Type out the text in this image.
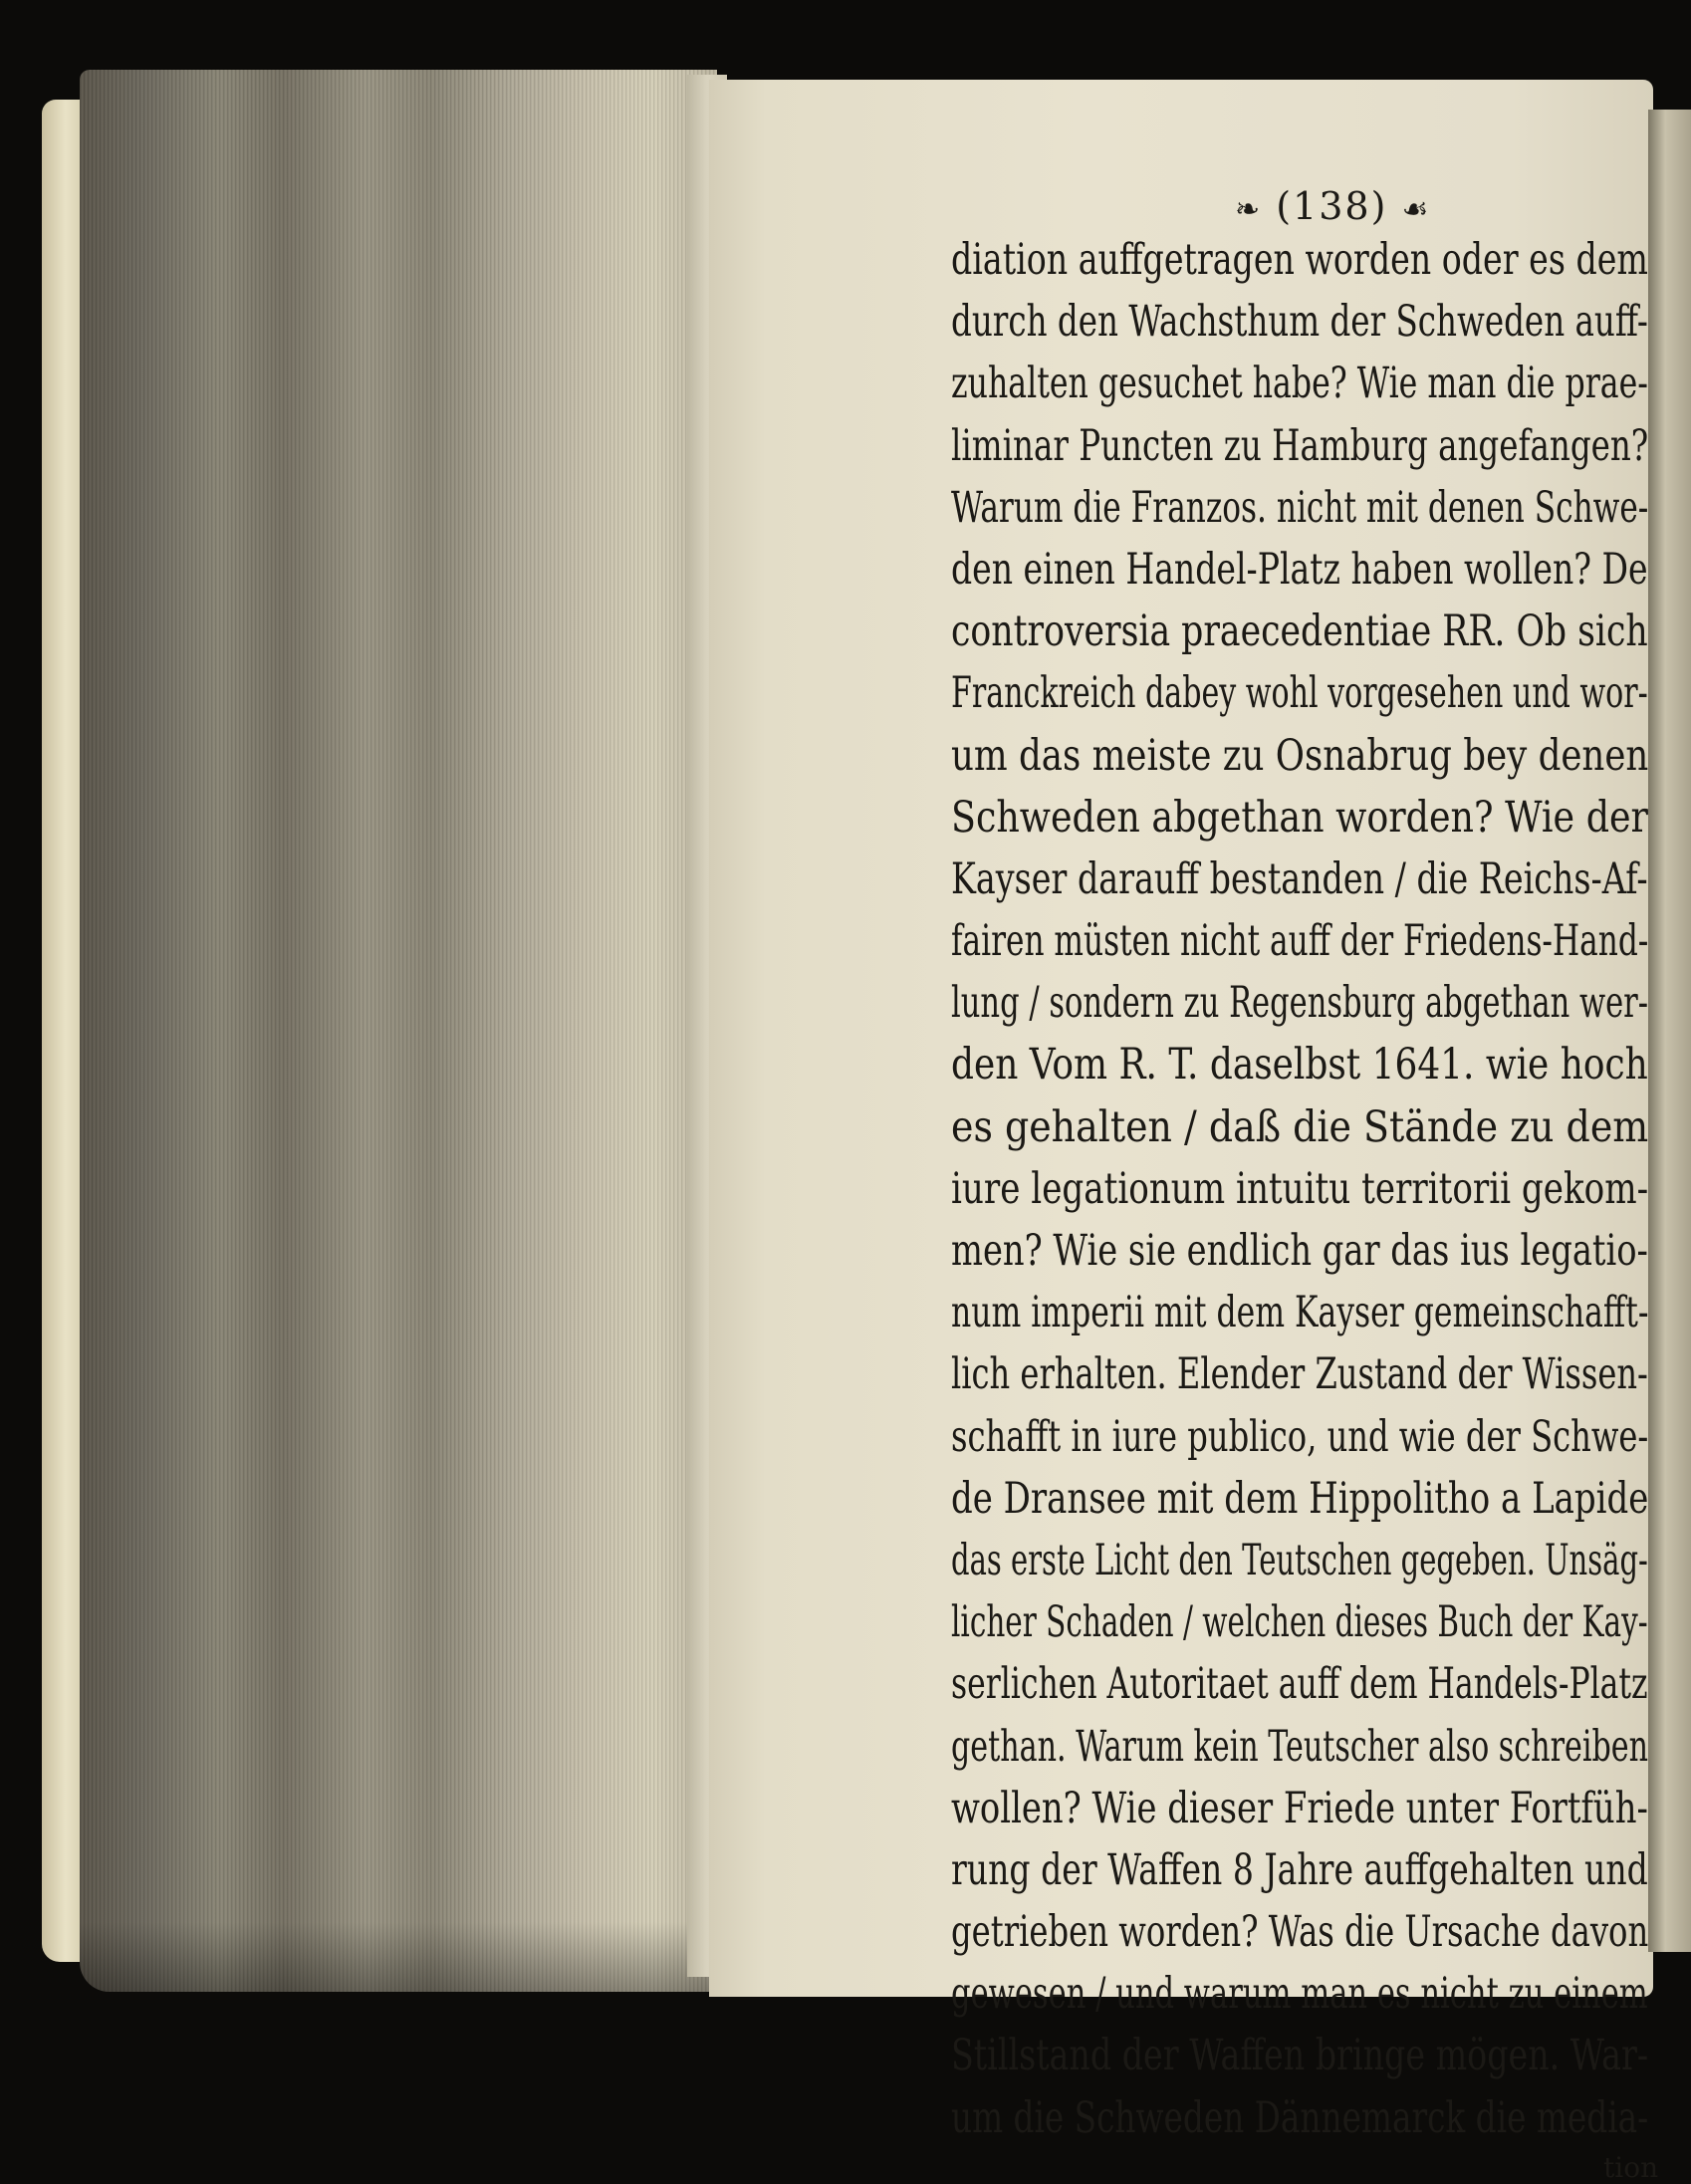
❧ (138) ☙
diation auffgetragen worden oder es dem
durch den Wachsthum der Schweden auff-
zuhalten gesuchet habe? Wie man die prae-
liminar Puncten zu Hamburg angefangen?
Warum die Franzos. nicht mit denen Schwe-
den einen Handel-Platz haben wollen? De
controversia praecedentiae RR. Ob sich
Franckreich dabey wohl vorgesehen und wor-
um das meiste zu Osnabrug bey denen
Schweden abgethan worden? Wie der
Kayser darauff bestanden / die Reichs-Af-
fairen müsten nicht auff der Friedens-Hand-
lung / sondern zu Regensburg abgethan wer-
den Vom R. T. daselbst 1641. wie hoch
es gehalten / daß die Stände zu dem
iure legationum intuitu territorii gekom-
men? Wie sie endlich gar das ius legatio-
num imperii mit dem Kayser gemeinschafft-
lich erhalten. Elender Zustand der Wissen-
schafft in iure publico, und wie der Schwe-
de Dransee mit dem Hippolitho a Lapide
das erste Licht den Teutschen gegeben. Unsäg-
licher Schaden / welchen dieses Buch der Kay-
serlichen Autoritaet auff dem Handels-Platz
gethan. Warum kein Teutscher also schreiben
wollen? Wie dieser Friede unter Fortfüh-
rung der Waffen 8 Jahre auffgehalten und
getrieben worden? Was die Ursache davon
gewesen / und warum man es nicht zu einem
Stillstand der Waffen bringe mögen. War-
um die Schweden Dännemarck die media-
tion
